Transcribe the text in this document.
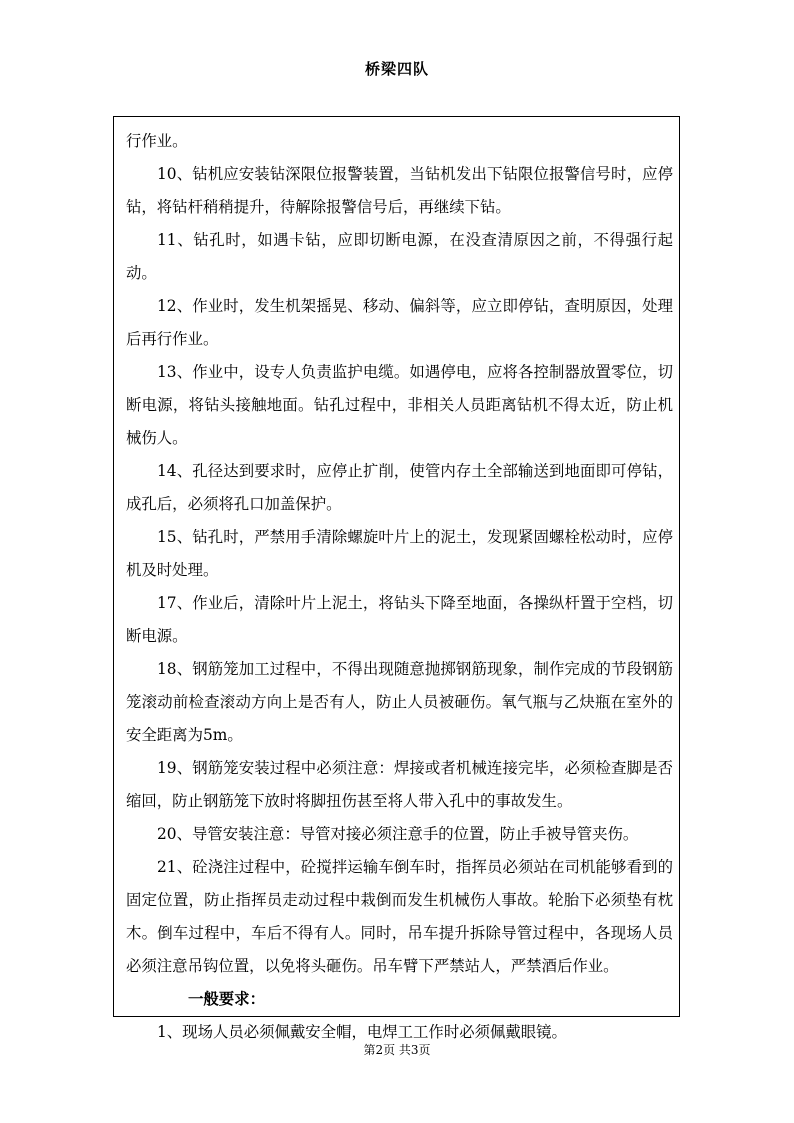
桥梁四队

行作业。

10、钻机应安装钻深限位报警装置，当钻机发出下钻限位报警信号时，应停钻，将钻杆稍稍提升，待解除报警信号后，再继续下钻。

11、钻孔时，如遇卡钻，应即切断电源，在没查清原因之前，不得强行起动。

12、作业时，发生机架摇晃、移动、偏斜等，应立即停钻，查明原因，处理后再行作业。

13、作业中，设专人负责监护电缆。如遇停电，应将各控制器放置零位，切断电源，将钻头接触地面。钻孔过程中，非相关人员距离钻机不得太近，防止机械伤人。

14、孔径达到要求时，应停止扩削，使管内存土全部输送到地面即可停钻，成孔后，必须将孔口加盖保护。

15、钻孔时，严禁用手清除螺旋叶片上的泥土，发现紧固螺栓松动时，应停机及时处理。

17、作业后，清除叶片上泥土，将钻头下降至地面，各操纵杆置于空档，切断电源。

18、钢筋笼加工过程中，不得出现随意抛掷钢筋现象，制作完成的节段钢筋笼滚动前检查滚动方向上是否有人，防止人员被砸伤。氧气瓶与乙炔瓶在室外的安全距离为5m。

19、钢筋笼安装过程中必须注意：焊接或者机械连接完毕，必须检查脚是否缩回，防止钢筋笼下放时将脚扭伤甚至将人带入孔中的事故发生。

20、导管安装注意：导管对接必须注意手的位置，防止手被导管夹伤。

21、砼浇注过程中，砼搅拌运输车倒车时，指挥员必须站在司机能够看到的固定位置，防止指挥员走动过程中栽倒而发生机械伤人事故。轮胎下必须垫有枕木。倒车过程中，车后不得有人。同时，吊车提升拆除导管过程中，各现场人员必须注意吊钩位置，以免将头砸伤。吊车臂下严禁站人，严禁酒后作业。

一般要求：

1、现场人员必须佩戴安全帽，电焊工工作时必须佩戴眼镜。

第2页 共3页
